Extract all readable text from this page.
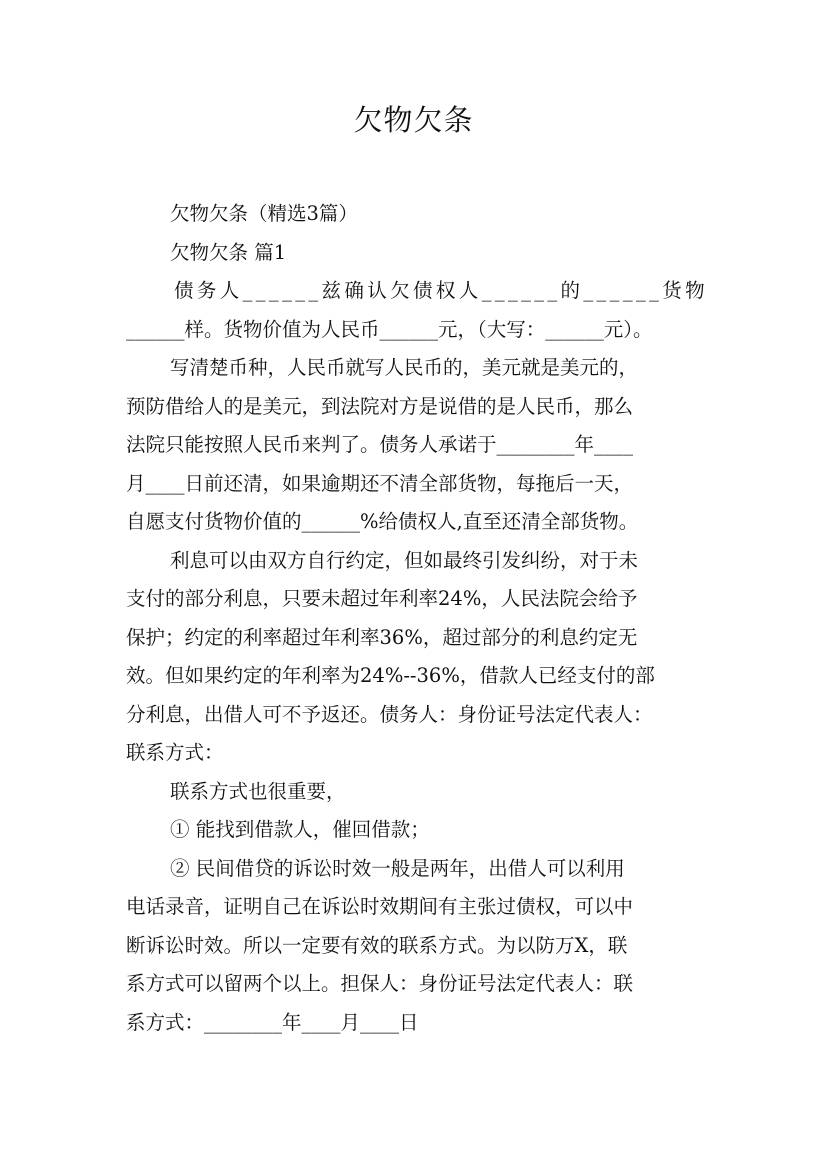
欠物欠条
欠物欠条（精选3篇）
欠物欠条 篇1
债务人______兹确认欠债权人______的______货物
______样。货物价值为人民币______元，（大写：______元）。
写清楚币种，人民币就写人民币的，美元就是美元的，
预防借给人的是美元，到法院对方是说借的是人民币，那么
法院只能按照人民币来判了。债务人承诺于________年____
月____日前还清，如果逾期还不清全部货物，每拖后一天，
自愿支付货物价值的______%给债权人,直至还清全部货物。
利息可以由双方自行约定，但如最终引发纠纷，对于未
支付的部分利息，只要未超过年利率24%，人民法院会给予
保护；约定的利率超过年利率36%，超过部分的利息约定无
效。但如果约定的年利率为24%--36%，借款人已经支付的部
分利息，出借人可不予返还。债务人：身份证号法定代表人：
联系方式：
联系方式也很重要，
① 能找到借款人，催回借款；
② 民间借贷的诉讼时效一般是两年，出借人可以利用
电话录音，证明自己在诉讼时效期间有主张过债权，可以中
断诉讼时效。所以一定要有效的联系方式。为以防万X，联
系方式可以留两个以上。担保人：身份证号法定代表人：联
系方式：________年____月____日
